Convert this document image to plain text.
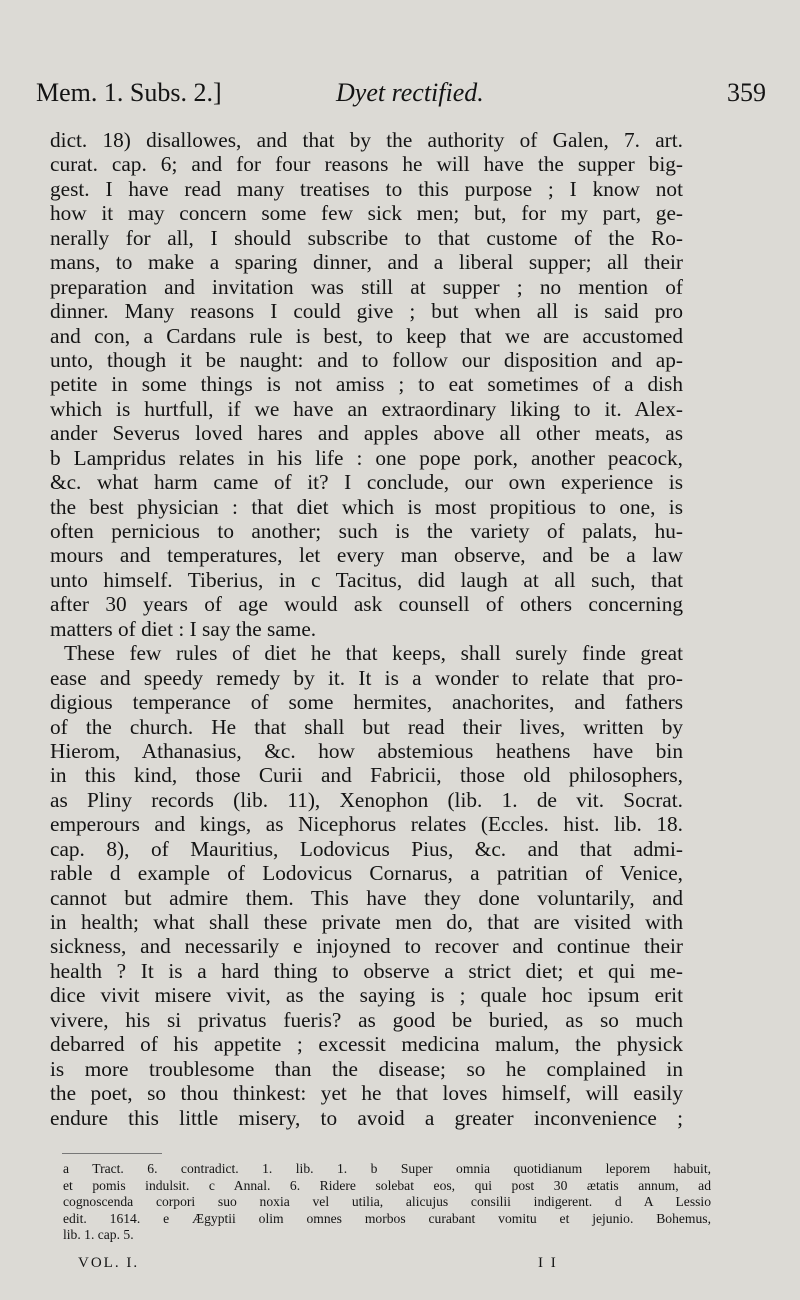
Mem. 1. Subs. 2.]	Dyet rectified.	359
dict. 18) disallowes, and that by the authority of Galen, 7. art.
curat. cap. 6; and for four reasons he will have the supper big-
gest. I have read many treatises to this purpose ; I know not
how it may concern some few sick men; but, for my part, ge-
nerally for all, I should subscribe to that custome of the Ro-
mans, to make a sparing dinner, and a liberal supper; all their
preparation and invitation was still at supper ; no mention of
dinner. Many reasons I could give ; but when all is said pro
and con, a Cardans rule is best, to keep that we are accustomed
unto, though it be naught: and to follow our disposition and ap-
petite in some things is not amiss ; to eat sometimes of a dish
which is hurtfull, if we have an extraordinary liking to it. Alex-
ander Severus loved hares and apples above all other meats, as
b Lampridus relates in his life : one pope pork, another peacock,
&c. what harm came of it? I conclude, our own experience is
the best physician : that diet which is most propitious to one, is
often pernicious to another; such is the variety of palats, hu-
mours and temperatures, let every man observe, and be a law
unto himself. Tiberius, in c Tacitus, did laugh at all such, that
after 30 years of age would ask counsell of others concerning
matters of diet : I say the same.
These few rules of diet he that keeps, shall surely finde great
ease and speedy remedy by it. It is a wonder to relate that pro-
digious temperance of some hermites, anachorites, and fathers
of the church. He that shall but read their lives, written by
Hierom, Athanasius, &c. how abstemious heathens have bin
in this kind, those Curii and Fabricii, those old philosophers,
as Pliny records (lib. 11), Xenophon (lib. 1. de vit. Socrat.
emperours and kings, as Nicephorus relates (Eccles. hist. lib. 18.
cap. 8), of Mauritius, Lodovicus Pius, &c. and that admi-
rable d example of Lodovicus Cornarus, a patritian of Venice,
cannot but admire them. This have they done voluntarily, and
in health; what shall these private men do, that are visited with
sickness, and necessarily e injoyned to recover and continue their
health ? It is a hard thing to observe a strict diet; et qui me-
dice vivit misere vivit, as the saying is ; quale hoc ipsum erit
vivere, his si privatus fueris? as good be buried, as so much
debarred of his appetite ; excessit medicina malum, the physick
is more troublesome than the disease; so he complained in
the poet, so thou thinkest: yet he that loves himself, will easily
endure this little misery, to avoid a greater inconvenience ;
a Tract. 6. contradict. 1. lib. 1. b Super omnia quotidianum leporem habuit,
et pomis indulsit. c Annal. 6. Ridere solebat eos, qui post 30 ætatis annum, ad
cognoscenda corpori suo noxia vel utilia, alicujus consilii indigerent. d A Lessio
edit. 1614. e Ægyptii olim omnes morbos curabant vomitu et jejunio. Bohemus,
lib. 1. cap. 5.
VOL. I.	I I
